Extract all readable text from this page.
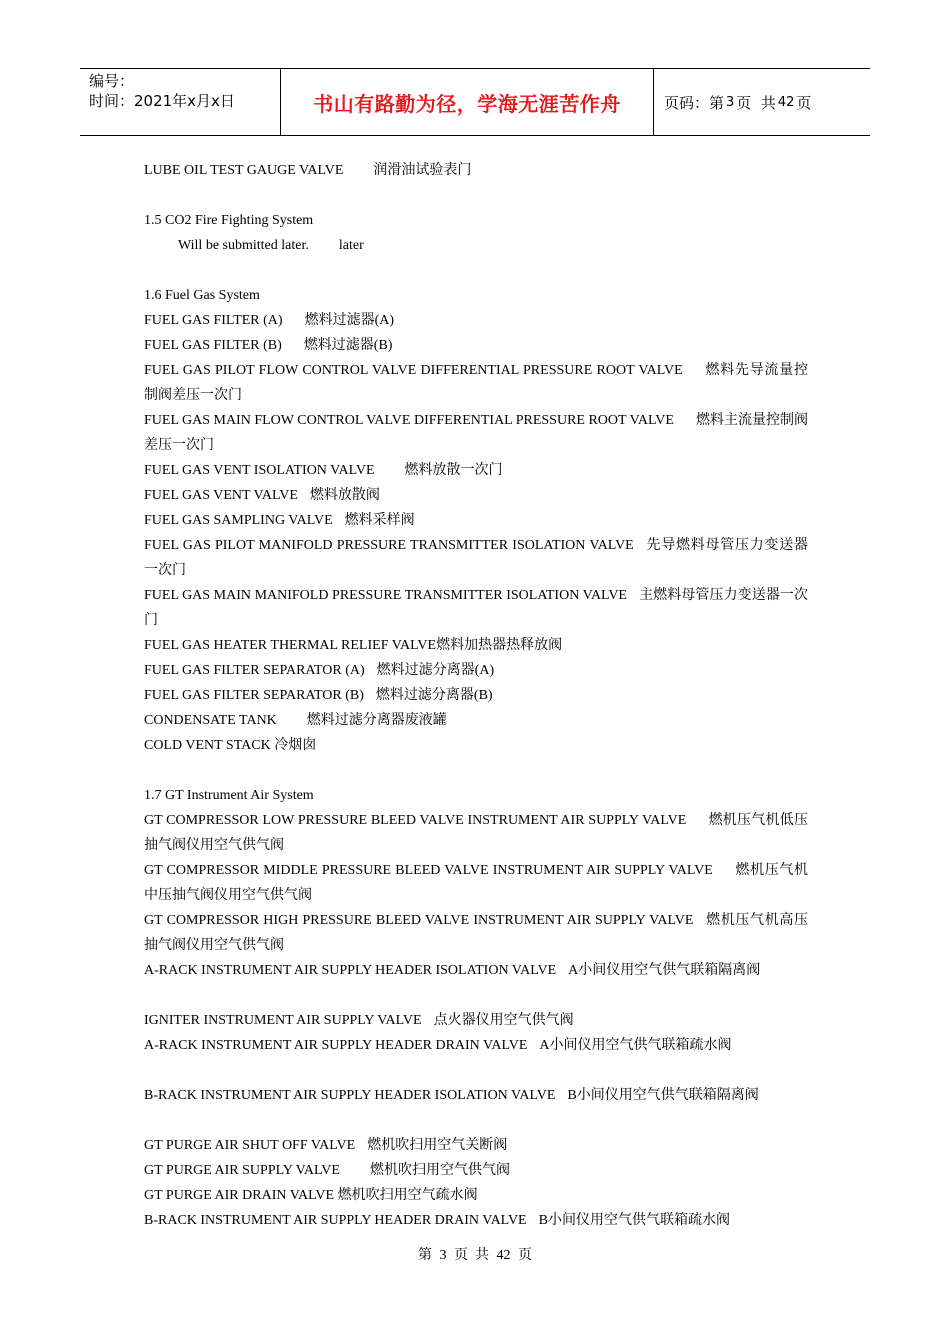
编号：
时间：2021年x月x日	书山有路勤为径，学海无涯苦作舟	页码：第 3 页  共 42 页

LUBE OIL TEST GAUGE VALVE 润滑油试验表门

1.5 CO2 Fire Fighting System

Will be submitted later. later

1.6 Fuel Gas System

FUEL GAS FILTER (A) 燃料过滤器(A)

FUEL GAS FILTER (B) 燃料过滤器(B)

FUEL GAS PILOT FLOW CONTROL VALVE DIFFERENTIAL PRESSURE ROOT VALVE 燃料先导流量控制阀差压一次门

FUEL GAS MAIN FLOW CONTROL VALVE DIFFERENTIAL PRESSURE ROOT VALVE 燃料主流量控制阀差压一次门

FUEL GAS VENT ISOLATION VALVE 燃料放散一次门

FUEL GAS VENT VALVE 燃料放散阀

FUEL GAS SAMPLING VALVE 燃料采样阀

FUEL GAS PILOT MANIFOLD PRESSURE TRANSMITTER ISOLATION VALVE 先导燃料母管压力变送器一次门

FUEL GAS MAIN MANIFOLD PRESSURE TRANSMITTER ISOLATION VALVE 主燃料母管压力变送器一次门

FUEL GAS HEATER THERMAL RELIEF VALVE燃料加热器热释放阀

FUEL GAS FILTER SEPARATOR (A) 燃料过滤分离器(A)

FUEL GAS FILTER SEPARATOR (B) 燃料过滤分离器(B)

CONDENSATE TANK 燃料过滤分离器废液罐

COLD VENT STACK 冷烟囱

1.7 GT Instrument Air System

GT COMPRESSOR LOW PRESSURE BLEED VALVE INSTRUMENT AIR SUPPLY VALVE 燃机压气机低压抽气阀仪用空气供气阀

GT COMPRESSOR MIDDLE PRESSURE BLEED VALVE INSTRUMENT AIR SUPPLY VALVE 燃机压气机中压抽气阀仪用空气供气阀

GT COMPRESSOR HIGH PRESSURE BLEED VALVE INSTRUMENT AIR SUPPLY VALVE 燃机压气机高压抽气阀仪用空气供气阀

A-RACK INSTRUMENT AIR SUPPLY HEADER ISOLATION VALVE A小间仪用空气供气联箱隔离阀

IGNITER INSTRUMENT AIR SUPPLY VALVE 点火器仪用空气供气阀

A-RACK INSTRUMENT AIR SUPPLY HEADER DRAIN VALVE A小间仪用空气供气联箱疏水阀

B-RACK INSTRUMENT AIR SUPPLY HEADER ISOLATION VALVE B小间仪用空气供气联箱隔离阀

GT PURGE AIR SHUT OFF VALVE 燃机吹扫用空气关断阀

GT PURGE AIR SUPPLY VALVE 燃机吹扫用空气供气阀

GT PURGE AIR DRAIN VALVE 燃机吹扫用空气疏水阀

B-RACK INSTRUMENT AIR SUPPLY HEADER DRAIN VALVE B小间仪用空气供气联箱疏水阀

第 3 页  共 42 页
